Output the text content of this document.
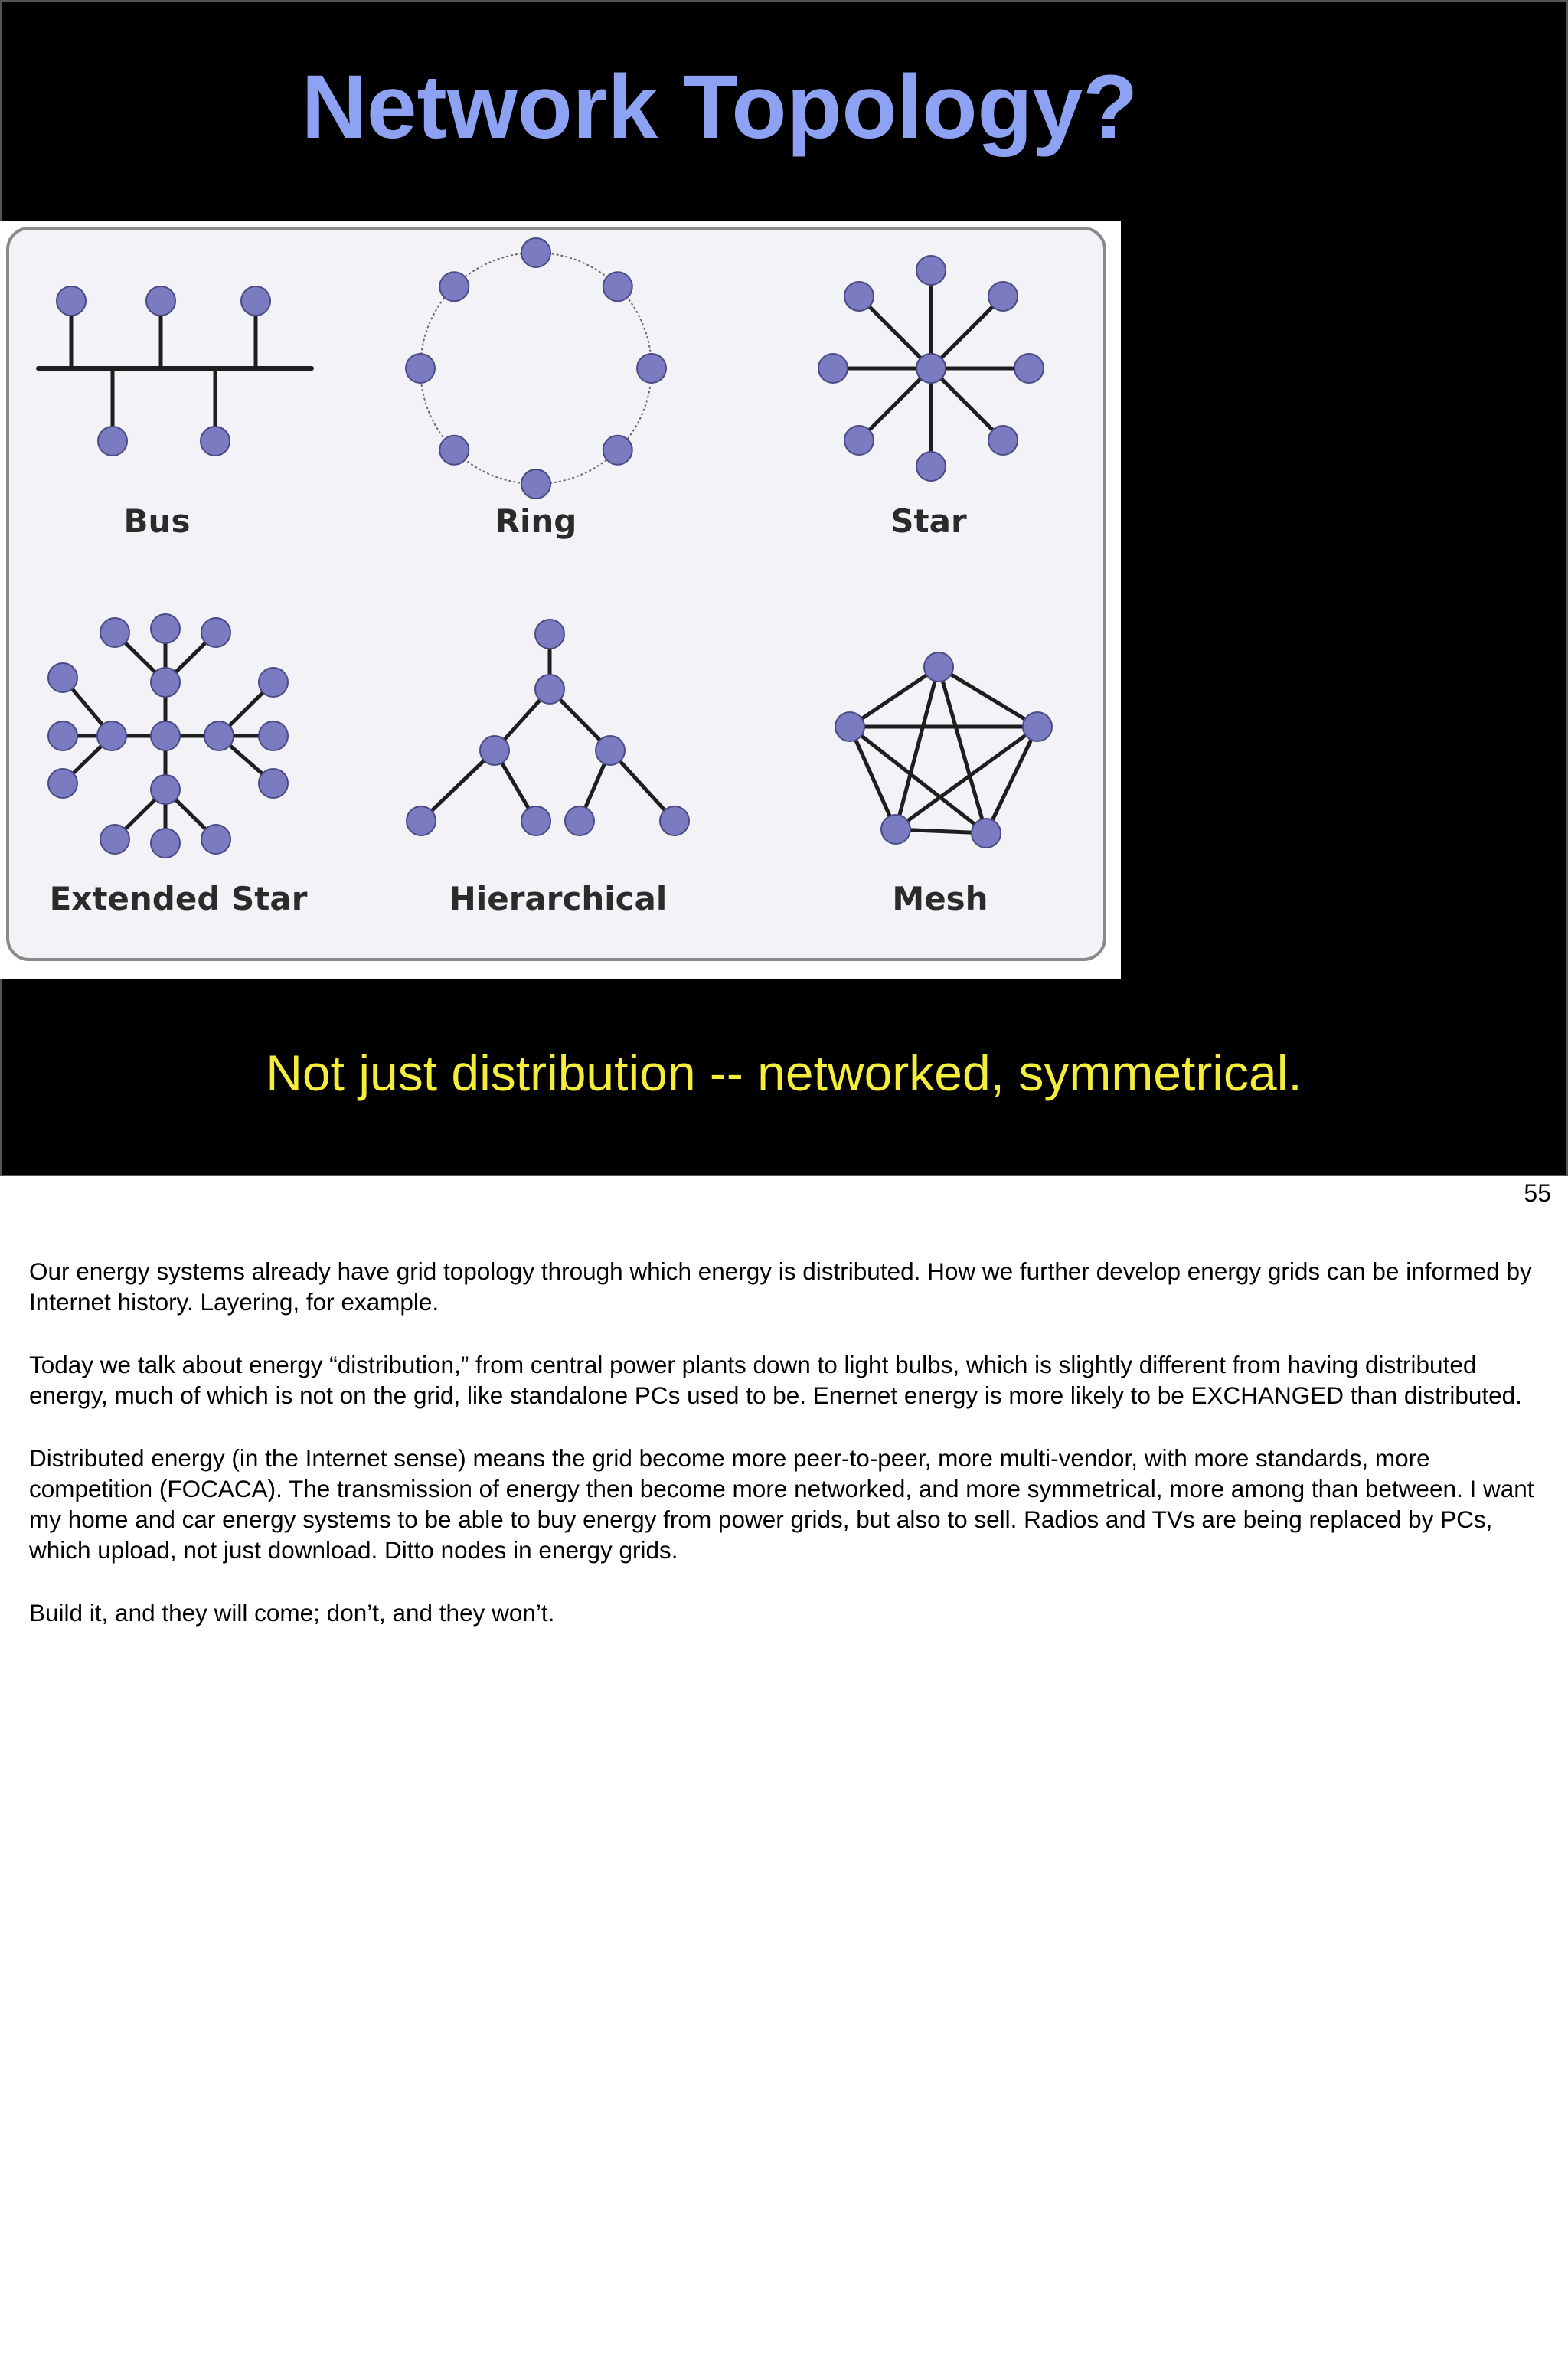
Network Topology?
Bus	Ring	Star
Extended Star	Hierarchical	Mesh

Not just distribution -- networked, symmetrical.

55

Our energy systems already have grid topology through which energy is distributed. How we further develop energy grids can be informed by Internet history. Layering, for example.

Today we talk about energy “distribution,” from central power plants down to light bulbs, which is slightly different from having distributed energy, much of which is not on the grid, like standalone PCs used to be. Enernet energy is more likely to be EXCHANGED than distributed.

Distributed energy (in the Internet sense) means the grid become more peer-to-peer, more multi-vendor, with more standards, more competition (FOCACA). The transmission of energy then become more networked, and more symmetrical, more among than between. I want my home and car energy systems to be able to buy energy from power grids, but also to sell. Radios and TVs are being replaced by PCs, which upload, not just download. Ditto nodes in energy grids.

Build it, and they will come; don’t, and they won’t.
